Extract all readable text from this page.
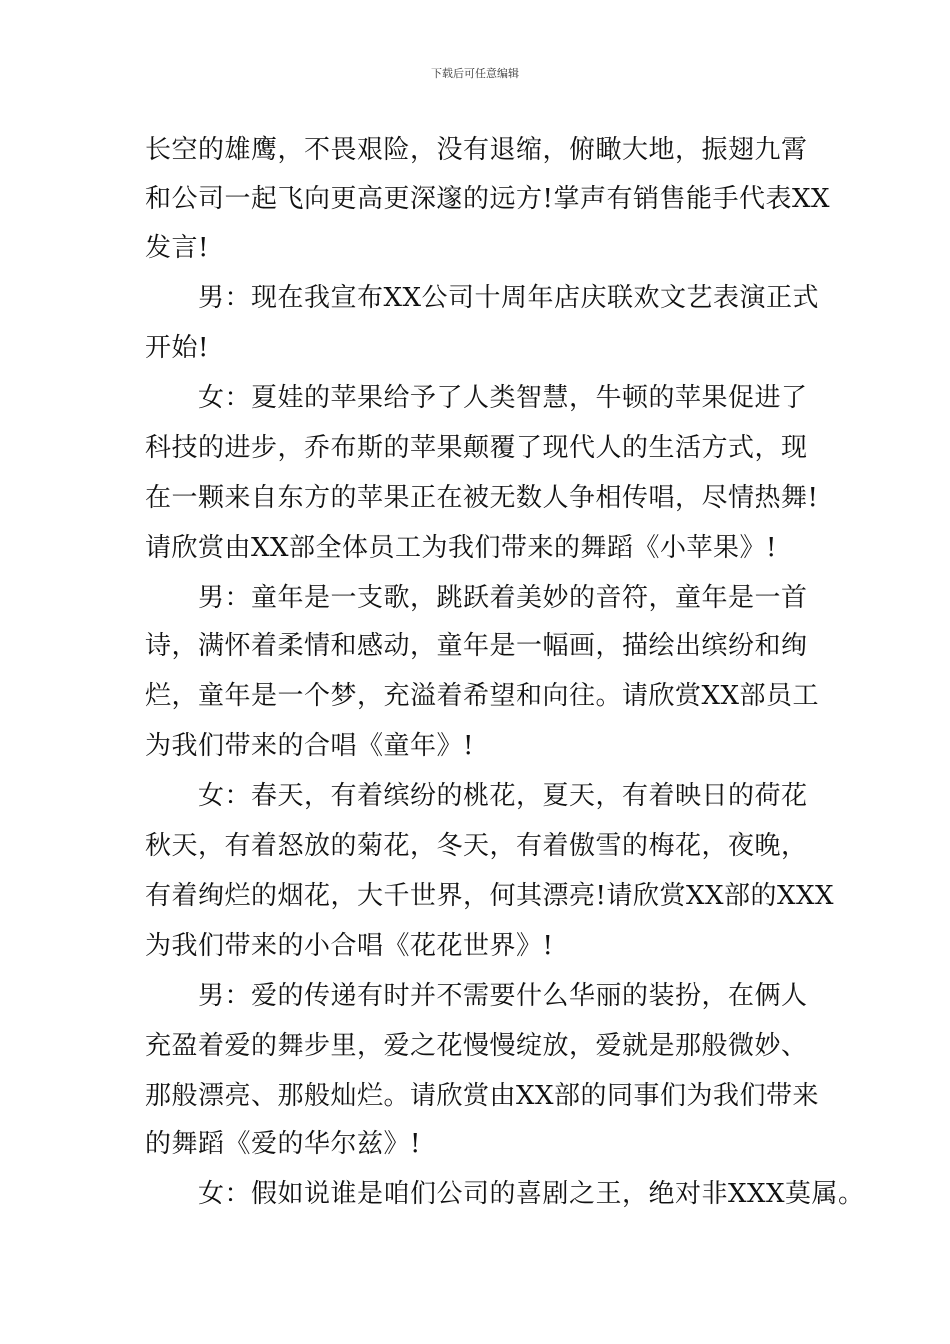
下载后可任意编辑
长空的雄鹰，不畏艰险，没有退缩，俯瞰大地，振翅九霄
和公司一起飞向更高更深邃的远方!掌声有销售能手代表XX
发言!
男：现在我宣布XX公司十周年店庆联欢文艺表演正式
开始!
女：夏娃的苹果给予了人类智慧，牛顿的苹果促进了
科技的进步，乔布斯的苹果颠覆了现代人的生活方式，现
在一颗来自东方的苹果正在被无数人争相传唱，尽情热舞!
请欣赏由XX部全体员工为我们带来的舞蹈《小苹果》!
男：童年是一支歌，跳跃着美妙的音符，童年是一首
诗，满怀着柔情和感动，童年是一幅画，描绘出缤纷和绚
烂，童年是一个梦，充溢着希望和向往。请欣赏XX部员工
为我们带来的合唱《童年》!
女：春天，有着缤纷的桃花，夏天，有着映日的荷花
秋天，有着怒放的菊花，冬天，有着傲雪的梅花，夜晚，
有着绚烂的烟花，大千世界，何其漂亮!请欣赏XX部的XXX
为我们带来的小合唱《花花世界》!
男：爱的传递有时并不需要什么华丽的装扮，在俩人
充盈着爱的舞步里，爱之花慢慢绽放，爱就是那般微妙、
那般漂亮、那般灿烂。请欣赏由XX部的同事们为我们带来
的舞蹈《爱的华尔兹》!
女：假如说谁是咱们公司的喜剧之王，绝对非XXX莫属。
